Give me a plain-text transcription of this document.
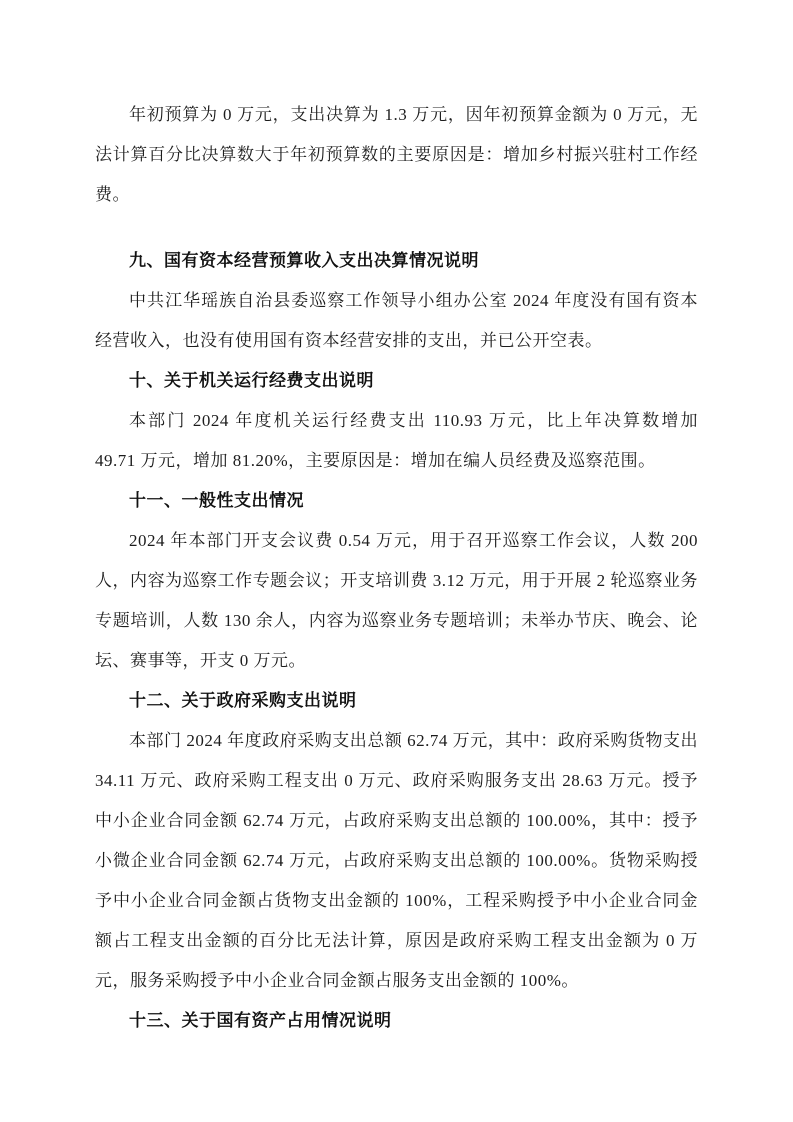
年初预算为 0 万元，支出决算为 1.3 万元，因年初预算金额为 0 万元，无法计算百分比决算数大于年初预算数的主要原因是：增加乡村振兴驻村工作经费。

九、国有资本经营预算收入支出决算情况说明

中共江华瑶族自治县委巡察工作领导小组办公室 2024 年度没有国有资本经营收入，也没有使用国有资本经营安排的支出，并已公开空表。

十、关于机关运行经费支出说明

本部门 2024 年度机关运行经费支出 110.93 万元，比上年决算数增加 49.71 万元，增加 81.20%，主要原因是：增加在编人员经费及巡察范围。

十一、一般性支出情况

2024 年本部门开支会议费 0.54 万元，用于召开巡察工作会议，人数 200 人，内容为巡察工作专题会议；开支培训费 3.12 万元，用于开展 2 轮巡察业务专题培训，人数 130 余人，内容为巡察业务专题培训；未举办节庆、晚会、论坛、赛事等，开支 0 万元。

十二、关于政府采购支出说明

本部门 2024 年度政府采购支出总额 62.74 万元，其中：政府采购货物支出 34.11 万元、政府采购工程支出 0 万元、政府采购服务支出 28.63 万元。授予中小企业合同金额 62.74 万元，占政府采购支出总额的 100.00%，其中：授予小微企业合同金额 62.74 万元，占政府采购支出总额的 100.00%。货物采购授予中小企业合同金额占货物支出金额的 100%，工程采购授予中小企业合同金额占工程支出金额的百分比无法计算，原因是政府采购工程支出金额为 0 万元，服务采购授予中小企业合同金额占服务支出金额的 100%。

十三、关于国有资产占用情况说明
